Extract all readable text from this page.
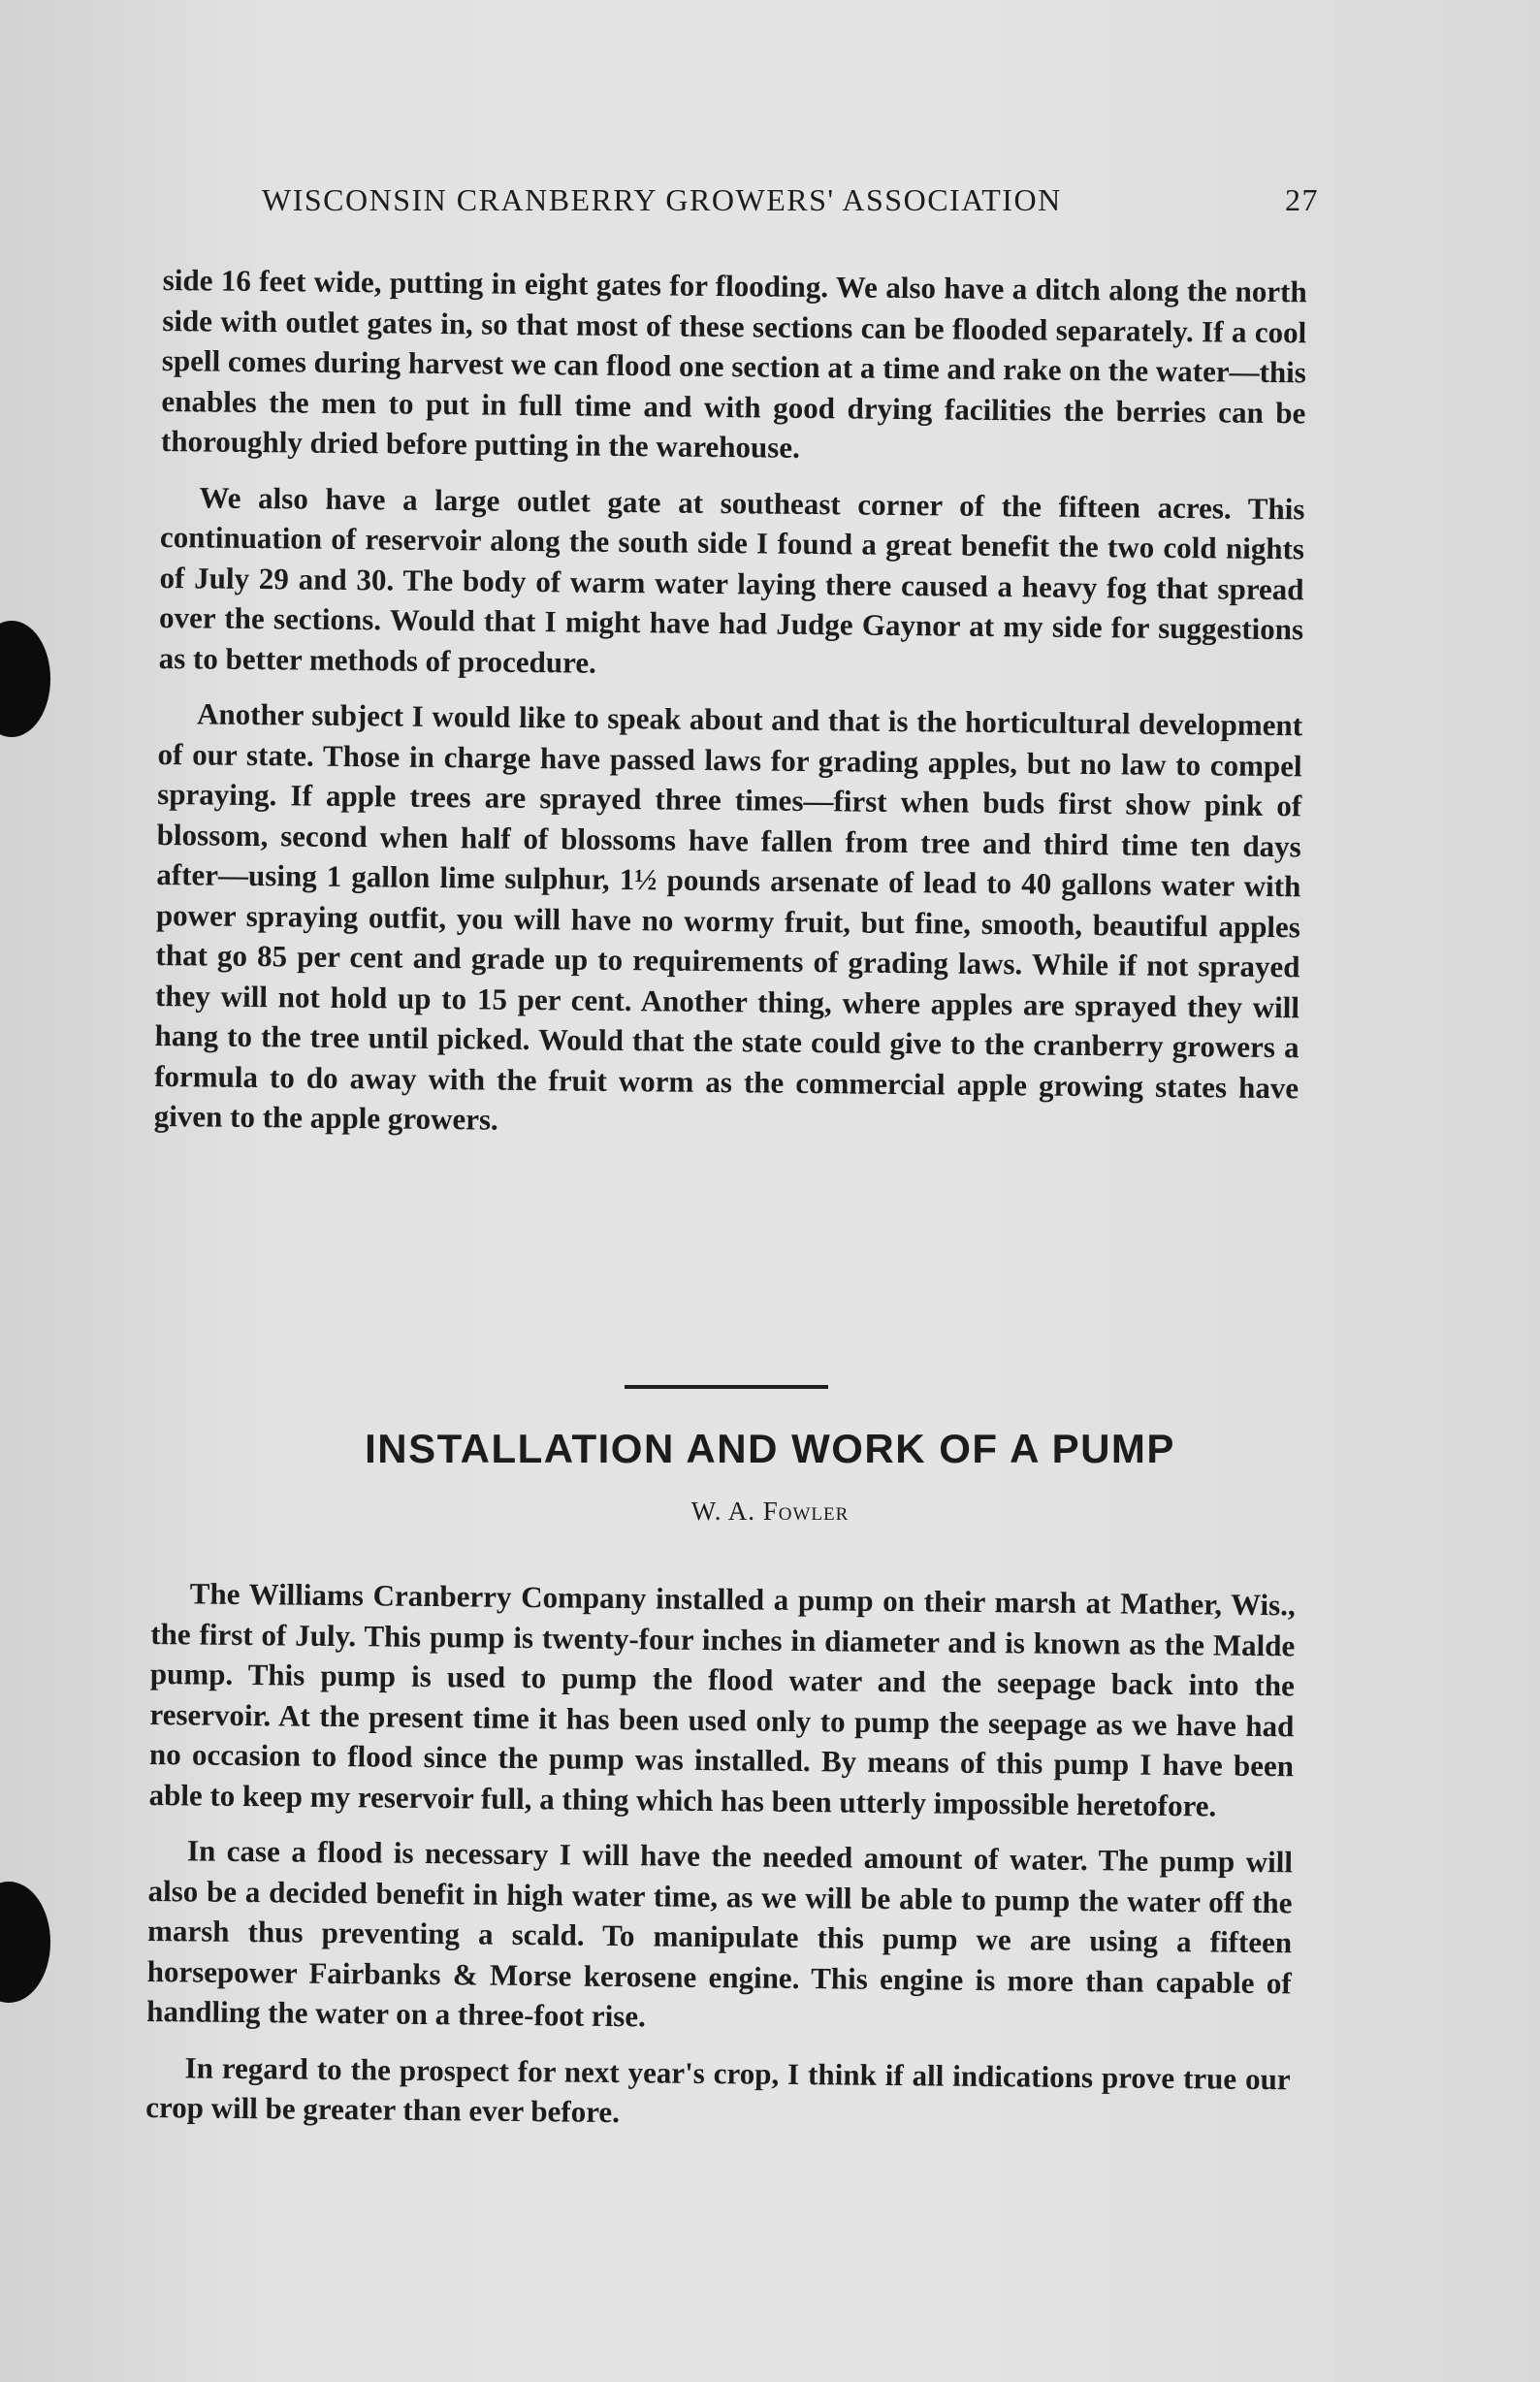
WISCONSIN CRANBERRY GROWERS' ASSOCIATION	27

side 16 feet wide, putting in eight gates for flooding. We also have a ditch along the north side with outlet gates in, so that most of these sections can be flooded separately. If a cool spell comes during harvest we can flood one section at a time and rake on the water—this enables the men to put in full time and with good drying facilities the berries can be thoroughly dried before putting in the warehouse.

We also have a large outlet gate at southeast corner of the fifteen acres. This continuation of reservoir along the south side I found a great benefit the two cold nights of July 29 and 30. The body of warm water laying there caused a heavy fog that spread over the sections. Would that I might have had Judge Gaynor at my side for suggestions as to better methods of procedure.

Another subject I would like to speak about and that is the horticultural development of our state. Those in charge have passed laws for grading apples, but no law to compel spraying. If apple trees are sprayed three times—first when buds first show pink of blossom, second when half of blossoms have fallen from tree and third time ten days after—using 1 gallon lime sulphur, 1½ pounds arsenate of lead to 40 gallons water with power spraying outfit, you will have no wormy fruit, but fine, smooth, beautiful apples that go 85 per cent and grade up to requirements of grading laws. While if not sprayed they will not hold up to 15 per cent. Another thing, where apples are sprayed they will hang to the tree until picked. Would that the state could give to the cranberry growers a formula to do away with the fruit worm as the commercial apple growing states have given to the apple growers.

INSTALLATION AND WORK OF A PUMP
W. A. Fowler

The Williams Cranberry Company installed a pump on their marsh at Mather, Wis., the first of July. This pump is twenty-four inches in diameter and is known as the Malde pump. This pump is used to pump the flood water and the seepage back into the reservoir. At the present time it has been used only to pump the seepage as we have had no occasion to flood since the pump was installed. By means of this pump I have been able to keep my reservoir full, a thing which has been utterly impossible heretofore.

In case a flood is necessary I will have the needed amount of water. The pump will also be a decided benefit in high water time, as we will be able to pump the water off the marsh thus preventing a scald. To manipulate this pump we are using a fifteen horsepower Fairbanks & Morse kerosene engine. This engine is more than capable of handling the water on a three-foot rise.

In regard to the prospect for next year's crop, I think if all indications prove true our crop will be greater than ever before.
